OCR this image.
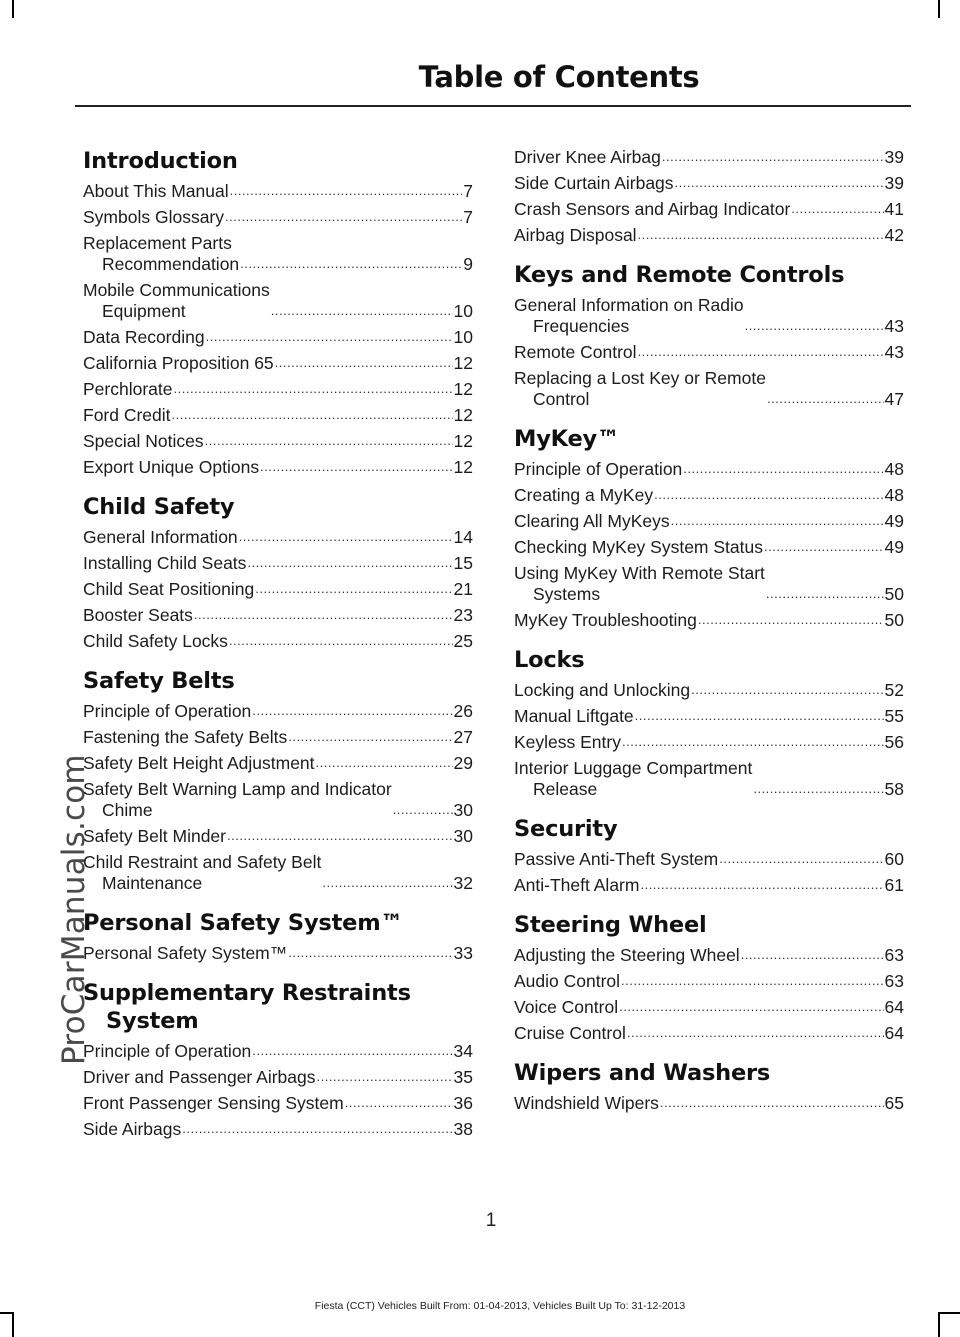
ProCarManuals.com
Table of Contents
Introduction
About This Manual .....	7
Symbols Glossary .....	7
Replacement Parts
Recommendation .....	9
Mobile Communications
Equipment .....	10
Data Recording .....	10
California Proposition 65 .....	12
Perchlorate .....	12
Ford Credit .....	12
Special Notices .....	12
Export Unique Options .....	12
Child Safety
General Information .....	14
Installing Child Seats .....	15
Child Seat Positioning .....	21
Booster Seats .....	23
Child Safety Locks .....	25
Safety Belts
Principle of Operation .....	26
Fastening the Safety Belts .....	27
Safety Belt Height Adjustment .....	29
Safety Belt Warning Lamp and Indicator
Chime .....	30
Safety Belt Minder .....	30
Child Restraint and Safety Belt
Maintenance .....	32
Personal Safety System™
Personal Safety System™ .....	33
Supplementary Restraints
System
Principle of Operation .....	34
Driver and Passenger Airbags .....	35
Front Passenger Sensing System .....	36
Side Airbags .....	38
Driver Knee Airbag .....	39
Side Curtain Airbags .....	39
Crash Sensors and Airbag Indicator .....	41
Airbag Disposal .....	42
Keys and Remote Controls
General Information on Radio
Frequencies .....	43
Remote Control .....	43
Replacing a Lost Key or Remote
Control .....	47
MyKey™
Principle of Operation .....	48
Creating a MyKey .....	48
Clearing All MyKeys .....	49
Checking MyKey System Status .....	49
Using MyKey With Remote Start
Systems .....	50
MyKey Troubleshooting .....	50
Locks
Locking and Unlocking .....	52
Manual Liftgate .....	55
Keyless Entry .....	56
Interior Luggage Compartment
Release .....	58
Security
Passive Anti-Theft System .....	60
Anti-Theft Alarm .....	61
Steering Wheel
Adjusting the Steering Wheel .....	63
Audio Control .....	63
Voice Control .....	64
Cruise Control .....	64
Wipers and Washers
Windshield Wipers .....	65
1
Fiesta (CCT) Vehicles Built From: 01-04-2013, Vehicles Built Up To: 31-12-2013
